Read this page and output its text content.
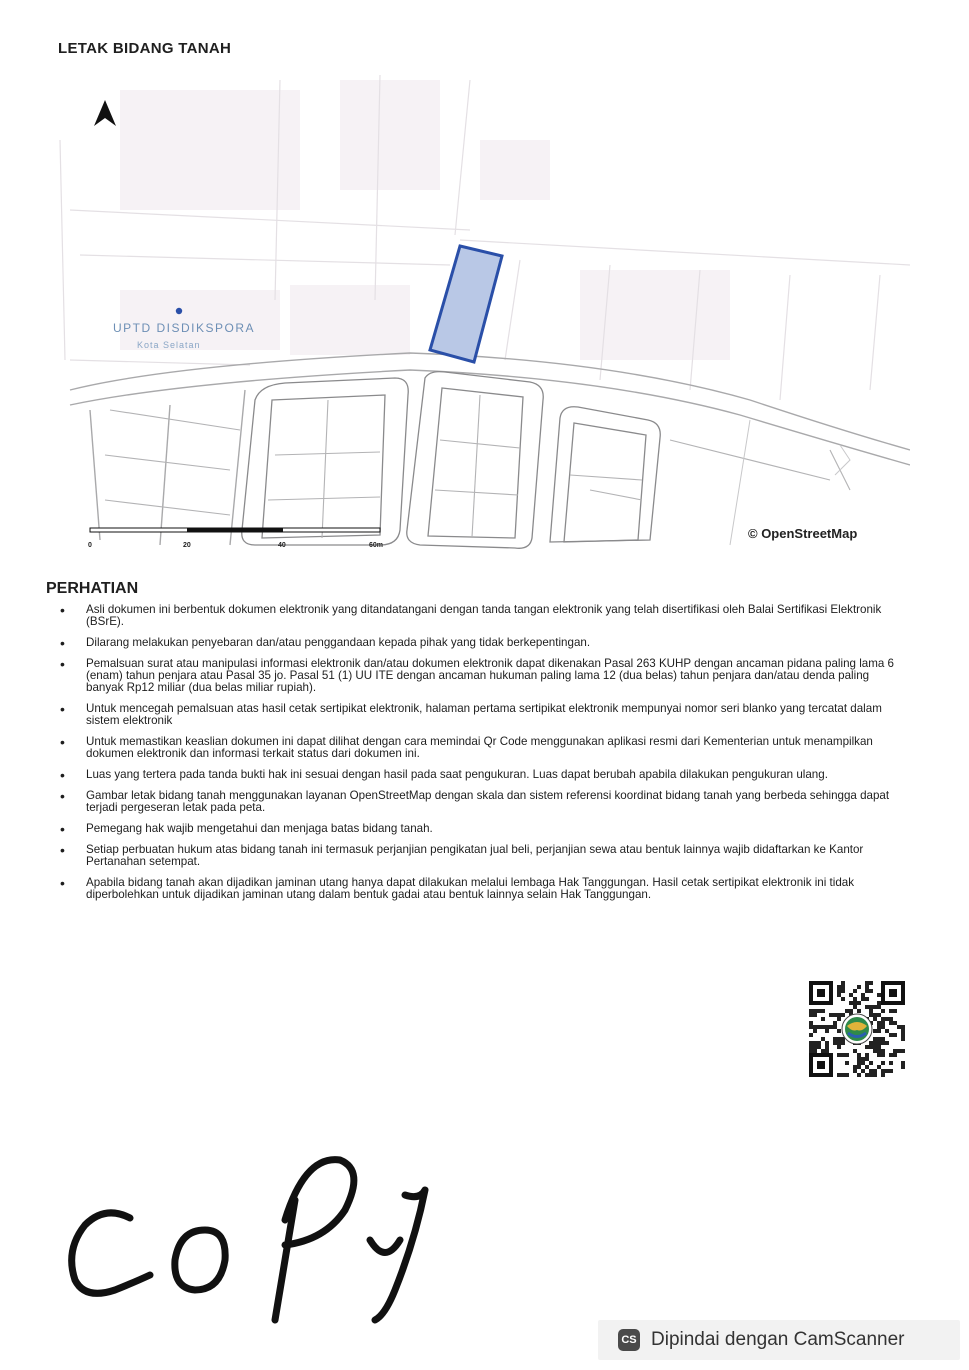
LETAK BIDANG TANAH
UPTD DISDIKSPORA
Kota Selatan
© OpenStreetMap
0	20	40	60m
PERHATIAN
• Asli dokumen ini berbentuk dokumen elektronik yang ditandatangani dengan tanda tangan elektronik yang telah disertifikasi oleh Balai Sertifikasi Elektronik (BSrE).
• Dilarang melakukan penyebaran dan/atau penggandaan kepada pihak yang tidak berkepentingan.
• Pemalsuan surat atau manipulasi informasi elektronik dan/atau dokumen elektronik dapat dikenakan Pasal 263 KUHP dengan ancaman pidana paling lama 6 (enam) tahun penjara atau Pasal 35 jo. Pasal 51 (1) UU ITE dengan ancaman hukuman paling lama 12 (dua belas) tahun penjara dan/atau denda paling banyak Rp12 miliar (dua belas miliar rupiah).
• Untuk mencegah pemalsuan atas hasil cetak sertipikat elektronik, halaman pertama sertipikat elektronik mempunyai nomor seri blanko yang tercatat dalam sistem elektronik
• Untuk memastikan keaslian dokumen ini dapat dilihat dengan cara memindai Qr Code menggunakan aplikasi resmi dari Kementerian untuk menampilkan dokumen elektronik dan informasi terkait status dari dokumen ini.
• Luas yang tertera pada tanda bukti hak ini sesuai dengan hasil pada saat pengukuran. Luas dapat berubah apabila dilakukan pengukuran ulang.
• Gambar letak bidang tanah menggunakan layanan OpenStreetMap dengan skala dan sistem referensi koordinat bidang tanah yang berbeda sehingga dapat terjadi pergeseran letak pada peta.
• Pemegang hak wajib mengetahui dan menjaga batas bidang tanah.
• Setiap perbuatan hukum atas bidang tanah ini termasuk perjanjian pengikatan jual beli, perjanjian sewa atau bentuk lainnya wajib didaftarkan ke Kantor Pertanahan setempat.
• Apabila bidang tanah akan dijadikan jaminan utang hanya dapat dilakukan melalui lembaga Hak Tanggungan. Hasil cetak sertipikat elektronik ini tidak diperbolehkan untuk dijadikan jaminan utang dalam bentuk gadai atau bentuk lainnya selain Hak Tanggungan.
CS Dipindai dengan CamScanner
